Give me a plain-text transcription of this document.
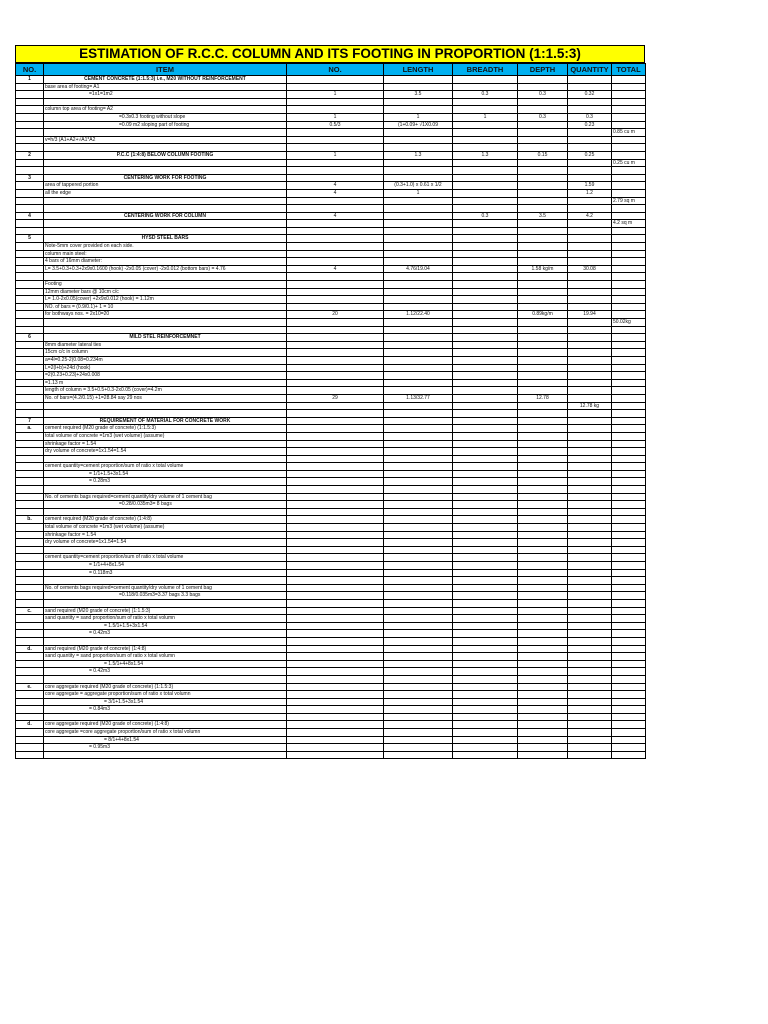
ESTIMATION OF R.C.C. COLUMN AND ITS FOOTING IN PROPORTION (1:1.5:3)
NO.	ITEM	NO.	LENGTH	BREADTH	DEPTH	QUANTITY	TOTAL
1	CEMENT CONCRETE (1:1.5:3) i.e., M20 WITHOUT REINFORCEMENT						
	base area of footing= A1						
	=1x1=1m2	1	3.5	0.3	0.3	0.32	

	column top area of footing= A2						
	=0.3x0.3 footing without slope	1	1	1	0.3	0.3	
	=0.09 m2 sloping part of footing	0.5/3	(1+0.09+ √1X0.09			0.23	
							0.85 cu m
	v=h/3 (A1+A2+√A1*A2						

2	P.C.C (1:4:8) BELOW COLUMN FOOTING	1	1.3	1.3	0.15	0.25	
							0.25 cu m

3	CENTERING WORK FOR FOOTING						
	area of tappered portion	4	(0.3+1.0) x 0.61 x 1/2			1.59	
	all the edge	4	1			1.2	
							2.79 sq m

4	CENTERING WORK FOR COLUMN	4		0.3	3.5	4.2	
							4.2 sq m

5	HYSD STEEL BARS						
	Note-5mm cover provided on each side.						
	column main steel:						
	4 bars of 16mm diameter:						
	L= 3.5+0.3+0.3+2x9x0.1600 (hook) -2x0.05 (cover) -2x0.012 (bottom bars) = 4.76	4	4.76/19.04		1.58 kg/m	30.08	

	Footing						
	12mm diameter bars @ 10cm c/c						
	L= 1.0-2x0.05(cover) +2x9x0.012 (hook) = 1.12m						
	NO. of bars = (0.9/0.1)+ 1 = 10						
	for bothways nos. = 2x10=20	20	1.12/22.40		0.89kg/m	19.94	
							50.02kg

6	MILD STEL REINFORCEMNET						
	8mm diameter lateral ties						
	15cm c/c in column						
	a=4l=0.25-2(0.08=0.234m						
	L=2(l+b)+24d (hook)						
	=2(0.23+0.23)+24x0.008						
	=1.13 m						
	length of column = 3.5+0.5+0.3-2x0.05 (cover)=4.2m						
	No. of bars=(4.2/0.15) +1=28.84 say 29 nos	29	1.13/32.77		12.78		
						12.78 kg	

7	REQUIREMENT OF MATERIAL FOR CONCRETE WORK						
a.	cement required (M20 grade of concrete) (1:1.5:3)						
	total volume of concrete =1m3 (wet volume) (assume)						
	shrinkage factor = 1.54						
	dry volume of concrete=1x1.54=1.54						

	cement quantity=cement proportion/sum of ratio x total volume						
	= 1/1+1.5+3x1.54						
	= 0.28m3						

	No. of cements bags required=cement quantity/dry volume of 1 cement bag						
	=0.28/0.035m3= 8 bags						

b.	cement required (M20 grade of concrete) (1:4:8)						
	total volume of concrete =1m3 (wet volume) (assume)						
	shrinkage factor = 1.54						
	dry volume of concrete=1x1.54=1.54						

	cement quantity=cement proportion/sum of ratio x total volume						
	= 1/1+4+8x1.54						
	= 0.118m3						

	No. of cements bags required=cement quantity/dry volume of 1 cement bag						
	=0.118/0.035m3=3.37 bags 3.3 bags						

c.	sand required (M20 grade of concrete) (1:1.5:3)						
	sand quantity = sand proportion/sum of ratio x total volumn						
	= 1.5/1+1.5+3x1.54						
	= 0.42m3						

d.	sand required (M20 grade of concrete) (1:4:8)						
	sand quantity = sand proportion/sum of ratio x total volumn						
	= 1.5/1+4+8x1.54						
	= 0.42m3						

e.	core aggregate required (M20 grade of concrete) (1:1.5:3)						
	core aggregate = aggregate proportion/sum of ratio x total volumn						
	= 3/1+1.5+3x1.54						
	= 0.84m3						

d.	core aggregate required (M20 grade of concrete) (1:4:8)						
	core aggregate =core aggregate proportion/sum of ratio x total volumn						
	= 8/1+4+8x1.54						
	= 0.95m3						
